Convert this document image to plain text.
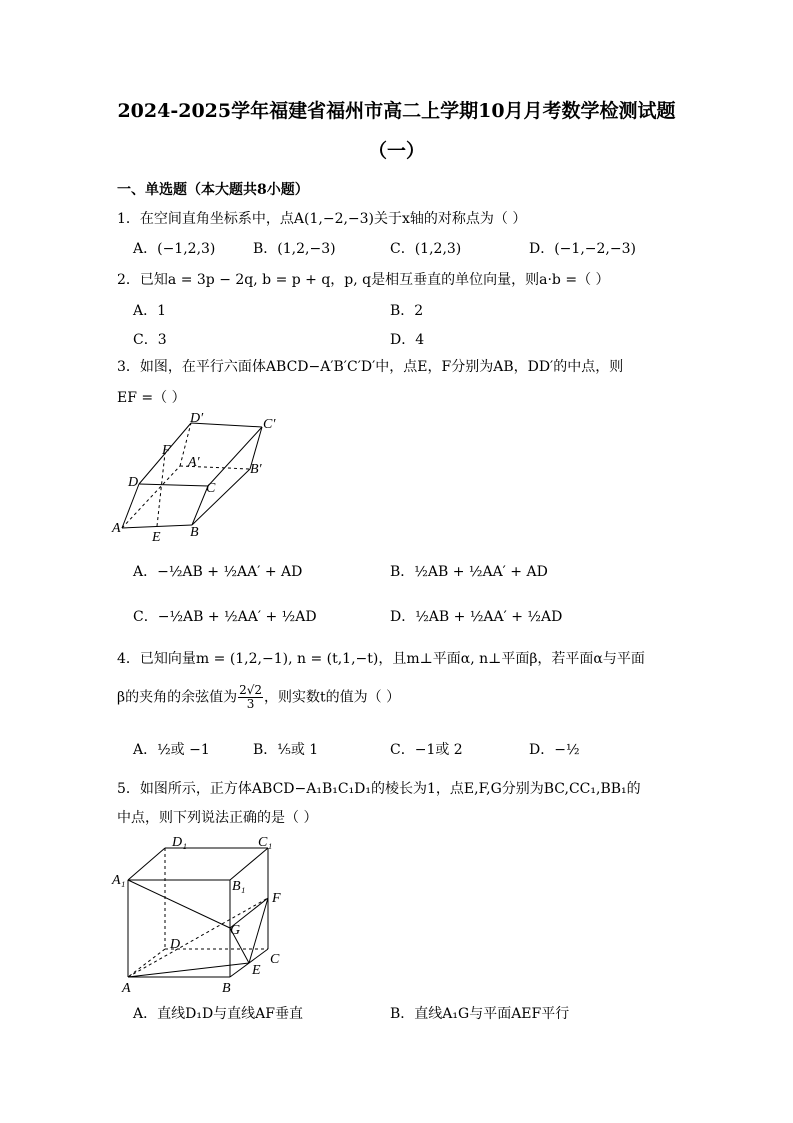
2024-2025学年福建省福州市高二上学期10月月考数学检测试题
（一）
一、单选题（本大题共8小题）
1．在空间直角坐标系中，点A(1,−2,−3)关于x轴的对称点为（ ）
A．(−1,2,3)	B．(1,2,−3)	C．(1,2,3)	D．(−1,−2,−3)
2．已知a = 3p − 2q, b = p + q，p, q是相互垂直的单位向量，则a·b =（ ）
A．1	B．2
C．3	D．4
3．如图，在平行六面体ABCD−A′B′C′D′中，点E，F分别为AB，DD′的中点，则
EF =（ ）
D′	C′
F
A′	B′
D	C
A
E B
A．−½AB + ½AA′ + AD	B．½AB + ½AA′ + AD
C．−½AB + ½AA′ + ½AD	D．½AB + ½AA′ + ½AD
4．已知向量m = (1,2,−1), n = (t,1,−t)，且m⊥平面α, n⊥平面β，若平面α与平面
β的夹角的余弦值为 $\frac{2√2}{3}$ ，则实数t的值为（ ）
A．½或 −1	B．⅕或 1	C．−1或 2	D．−½
5．如图所示，正方体ABCD−A₁B₁C₁D₁的棱长为1，点E,F,G分别为BC,CC₁,BB₁的
中点，则下列说法正确的是（ ）
D₁	C₁
A₁	B₁
F
G
D
C
E
A	B
A．直线D₁D与直线AF垂直	B．直线A₁G与平面AEF平行
